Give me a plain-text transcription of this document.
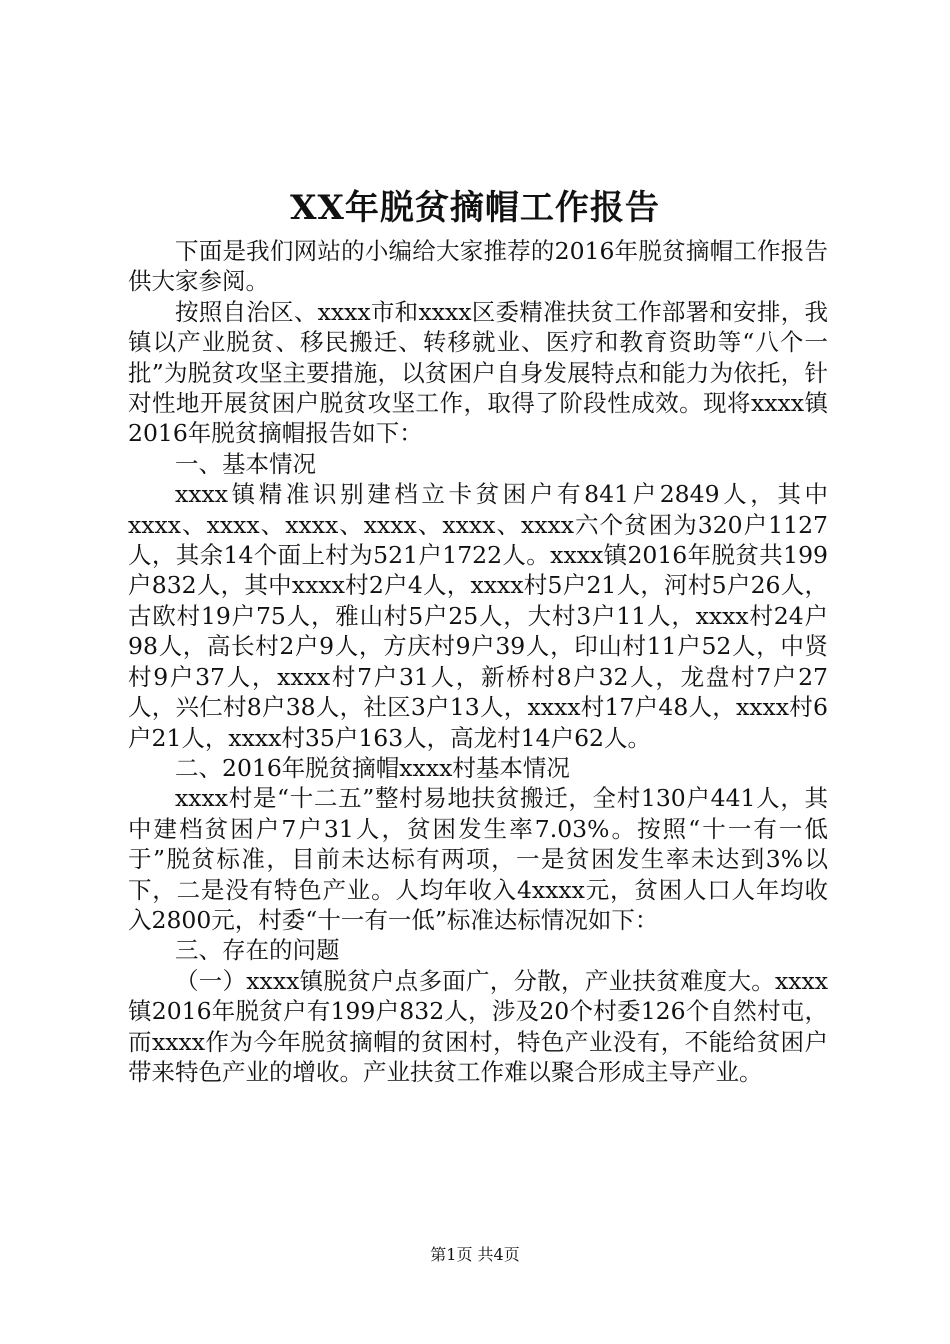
XX年脱贫摘帽工作报告

下面是我们网站的小编给大家推荐的2016年脱贫摘帽工作报告供大家参阅。

按照自治区、xxxx市和xxxx区委精准扶贫工作部署和安排，我镇以产业脱贫、移民搬迁、转移就业、医疗和教育资助等“八个一批”为脱贫攻坚主要措施，以贫困户自身发展特点和能力为依托，针对性地开展贫困户脱贫攻坚工作，取得了阶段性成效。现将xxxx镇2016年脱贫摘帽报告如下：

一、基本情况

xxxx镇精准识别建档立卡贫困户有841户2849人，其中xxxx、xxxx、xxxx、xxxx、xxxx、xxxx六个贫困为320户1127人，其余14个面上村为521户1722人。xxxx镇2016年脱贫共199户832人，其中xxxx村2户4人，xxxx村5户21人，河村5户26人，古欧村19户75人，雅山村5户25人，大村3户11人，xxxx村24户98人，高长村2户9人，方庆村9户39人，印山村11户52人，中贤村9户37人，xxxx村7户31人，新桥村8户32人，龙盘村7户27人，兴仁村8户38人，社区3户13人，xxxx村17户48人，xxxx村6户21人，xxxx村35户163人，高龙村14户62人。

二、2016年脱贫摘帽xxxx村基本情况

xxxx村是“十二五”整村易地扶贫搬迁，全村130户441人，其中建档贫困户7户31人，贫困发生率7.03%。按照“十一有一低于”脱贫标准，目前未达标有两项，一是贫困发生率未达到3%以下，二是没有特色产业。人均年收入4xxxx元，贫困人口人年均收入2800元，村委“十一有一低”标准达标情况如下：

三、存在的问题

（一）xxxx镇脱贫户点多面广，分散，产业扶贫难度大。xxxx镇2016年脱贫户有199户832人，涉及20个村委126个自然村屯，而xxxx作为今年脱贫摘帽的贫困村，特色产业没有，不能给贫困户带来特色产业的增收。产业扶贫工作难以聚合形成主导产业。

第1页 共4页
